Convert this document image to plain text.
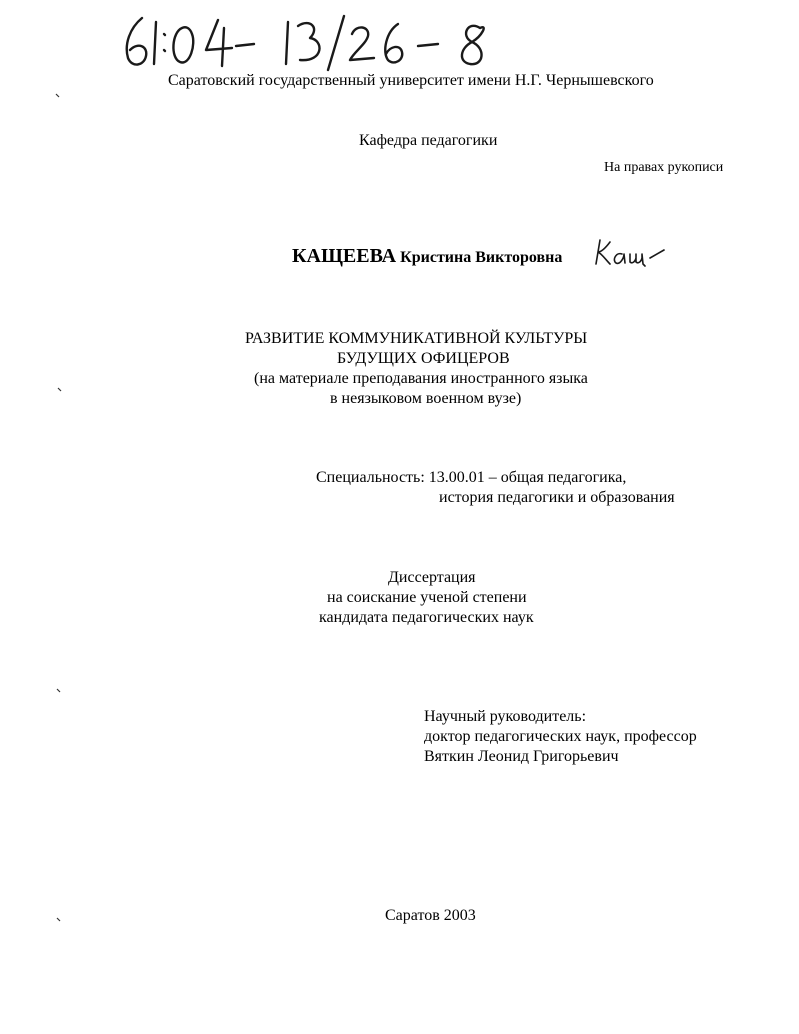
Саратовский государственный университет имени Н.Г. Чернышевского
Кафедра педагогики
На правах рукописи
КАЩЕЕВА Кристина Викторовна
РАЗВИТИЕ КОММУНИКАТИВНОЙ КУЛЬТУРЫ
БУДУЩИХ ОФИЦЕРОВ
(на материале преподавания иностранного языка
в неязыковом военном вузе)
Специальность: 13.00.01 – общая педагогика,
история педагогики и образования
Диссертация
на соискание ученой степени
кандидата педагогических наук
Научный руководитель:
доктор педагогических наук, профессор
Вяткин Леонид Григорьевич
Саратов 2003
